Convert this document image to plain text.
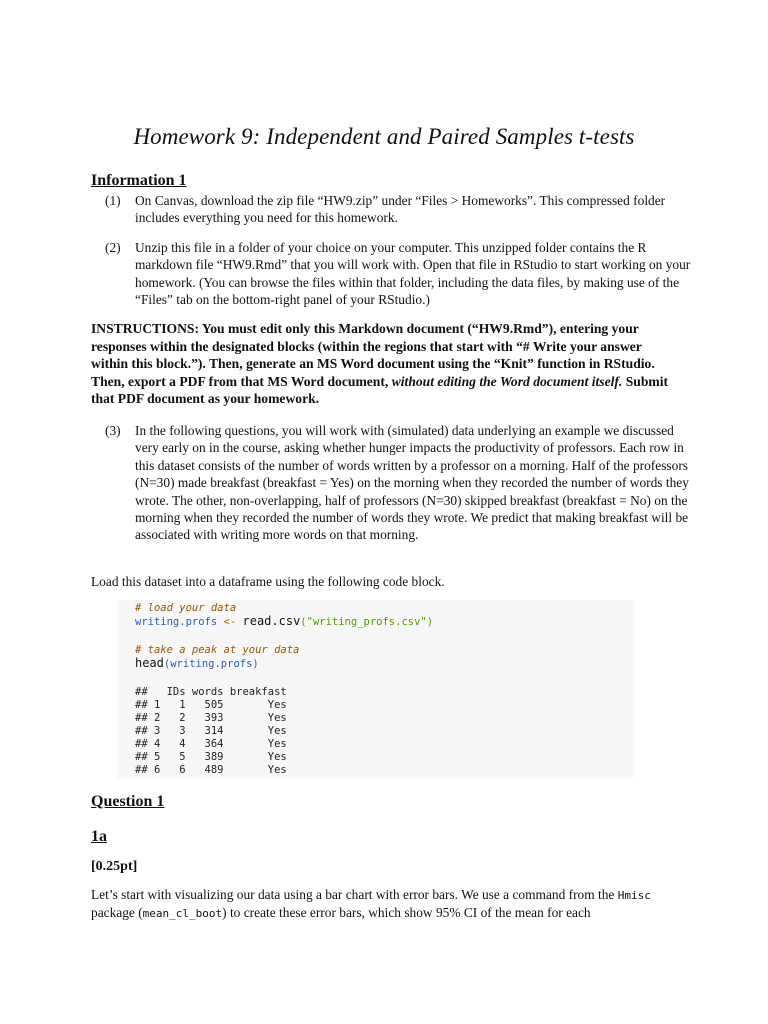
Homework 9: Independent and Paired Samples t-tests
Information 1
(1) On Canvas, download the zip file “HW9.zip” under “Files > Homeworks”. This compressed folder includes everything you need for this homework.
(2) Unzip this file in a folder of your choice on your computer. This unzipped folder contains the R markdown file “HW9.Rmd” that you will work with. Open that file in RStudio to start working on your homework. (You can browse the files within that folder, including the data files, by making use of the “Files” tab on the bottom-right panel of your RStudio.)
INSTRUCTIONS: You must edit only this Markdown document (“HW9.Rmd”), entering your responses within the designated blocks (within the regions that start with “# Write your answer within this block.”). Then, generate an MS Word document using the “Knit” function in RStudio. Then, export a PDF from that MS Word document, without editing the Word document itself. Submit that PDF document as your homework.
(3) In the following questions, you will work with (simulated) data underlying an example we discussed very early on in the course, asking whether hunger impacts the productivity of professors. Each row in this dataset consists of the number of words written by a professor on a morning. Half of the professors (N=30) made breakfast (breakfast = Yes) on the morning when they recorded the number of words they wrote. The other, non-overlapping, half of professors (N=30) skipped breakfast (breakfast = No) on the morning when they recorded the number of words they wrote. We predict that making breakfast will be associated with writing more words on that morning.
Load this dataset into a dataframe using the following code block.
# load your data
writing.profs <- read.csv("writing_profs.csv")
# take a peak at your data
head(writing.profs)
##   IDs words breakfast
## 1   1   505       Yes
## 2   2   393       Yes
## 3   3   314       Yes
## 4   4   364       Yes
## 5   5   389       Yes
## 6   6   489       Yes
Question 1
1a
[0.25pt]
Let’s start with visualizing our data using a bar chart with error bars. We use a command from the Hmisc package (mean_cl_boot) to create these error bars, which show 95% CI of the mean for each
